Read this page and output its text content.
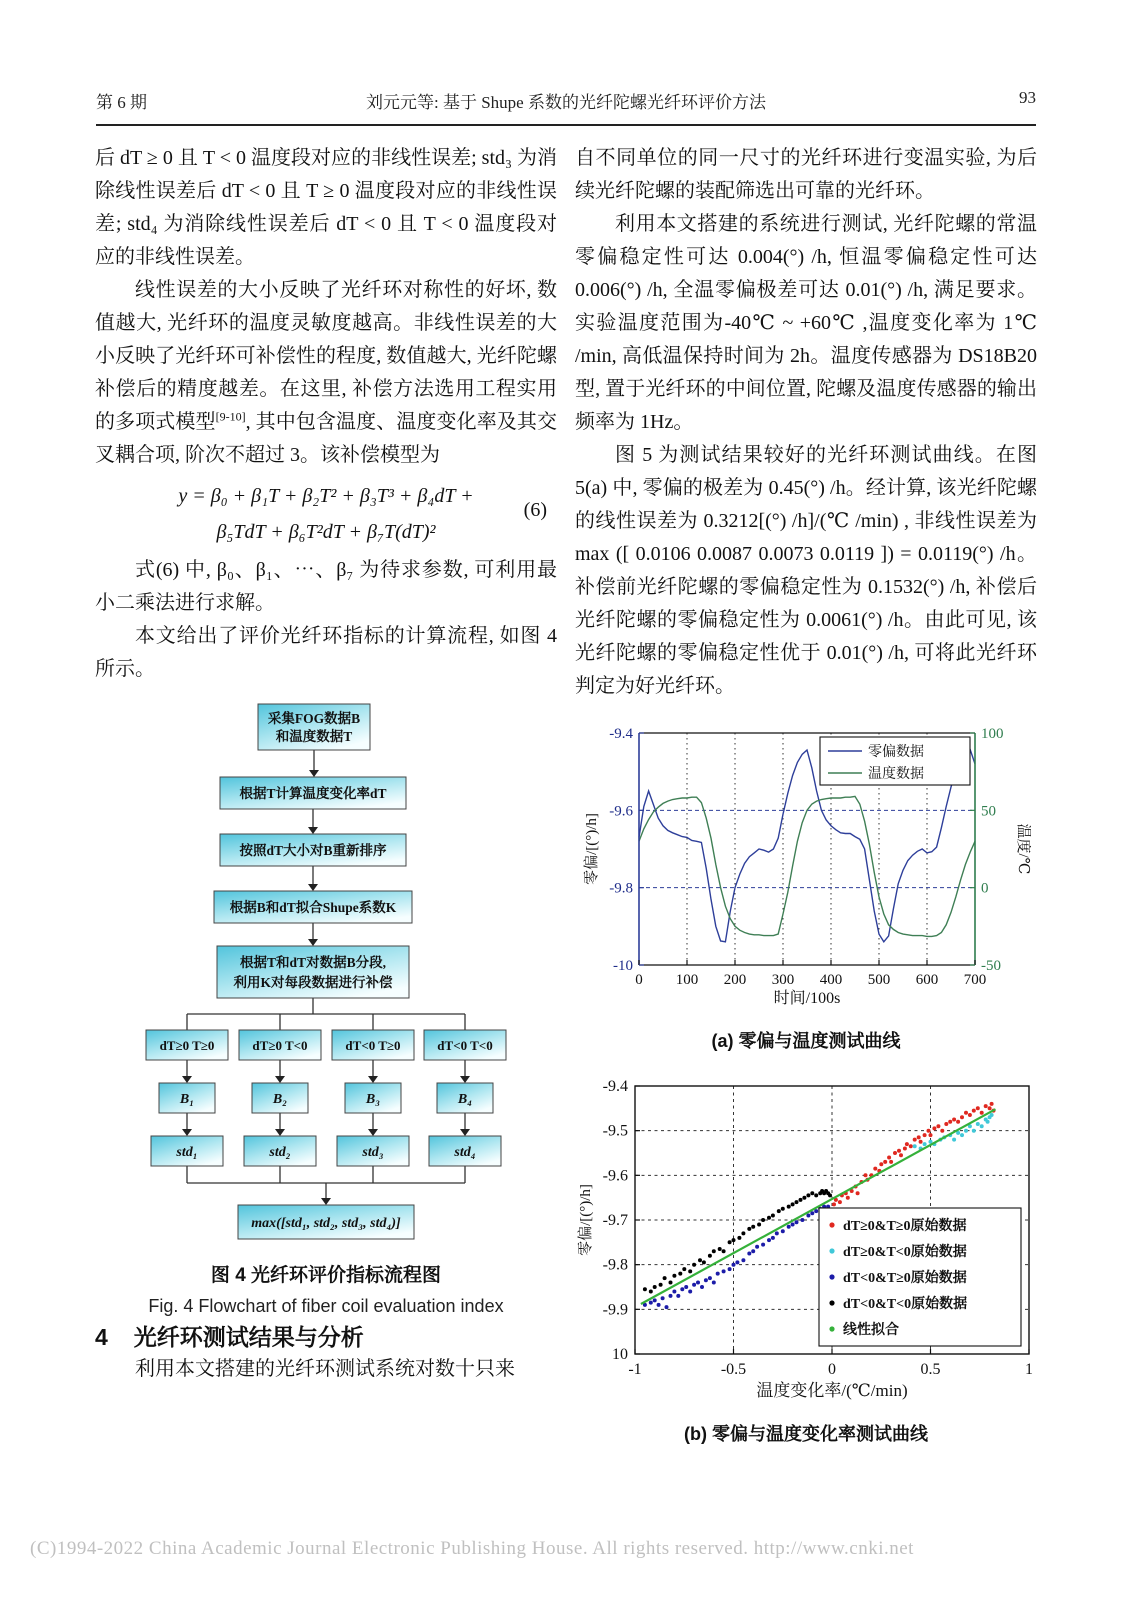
第 6 期	刘元元等: 基于 Shupe 系数的光纤陀螺光纤环评价方法	93

后 dT ≥ 0 且 T < 0 温度段对应的非线性误差; std₃ 为消除线性误差后 dT < 0 且 T ≥ 0 温度段对应的非线性误差; std₄ 为消除线性误差后 dT < 0 且 T < 0 温度段对应的非线性误差。

线性误差的大小反映了光纤环对称性的好坏, 数值越大, 光纤环的温度灵敏度越高。非线性误差的大小反映了光纤环可补偿性的程度, 数值越大, 光纤陀螺补偿后的精度越差。在这里, 补偿方法选用工程实用的多项式模型[9-10], 其中包含温度、温度变化率及其交叉耦合项, 阶次不超过 3。该补偿模型为

y = β₀ + β₁T + β₂T² + β₃T³ + β₄dT +
β₅TdT + β₆T²dT + β₇T(dT)²
(6)

式(6) 中, β₀、β₁、⋯、β₇ 为待求参数, 可利用最小二乘法进行求解。

本文给出了评价光纤环指标的计算流程, 如图 4 所示。

采集FOG数据B
和温度数据T
根据T计算温度变化率dT
按照dT大小对B重新排序
根据B和dT拟合Shupe系数K
根据T和dT对数据B分段,
利用K对每段数据进行补偿
dT≥0 T≥0	dT≥0 T<0	dT<0 T≥0	dT<0 T<0
B₁	B₂	B₃	B₄
std₁	std₂	std₃	std₄
max([std₁, std₂, std₃, std₄)]
图 4 光纤环评价指标流程图
Fig. 4 Flowchart of fiber coil evaluation index

4 光纤环测试结果与分析

利用本文搭建的光纤环测试系统对数十只来

自不同单位的同一尺寸的光纤环进行变温实验, 为后续光纤陀螺的装配筛选出可靠的光纤环。

利用本文搭建的系统进行测试, 光纤陀螺的常温零偏稳定性可达 0.004(°) /h, 恒温零偏稳定性可达 0.006(°) /h, 全温零偏极差可达 0.01(°) /h, 满足要求。实验温度范围为-40℃ ~ +60℃ ,温度变化率为 1℃ /min, 高低温保持时间为 2h。温度传感器为 DS18B20 型, 置于光纤环的中间位置, 陀螺及温度传感器的输出频率为 1Hz。

图 5 为测试结果较好的光纤环测试曲线。在图 5(a) 中, 零偏的极差为 0.45(°) /h。经计算, 该光纤陀螺的线性误差为 0.3212[(°) /h]/(℃ /min) , 非线性误差为 max ([ 0.0106 0.0087 0.0073 0.0119 ]) = 0.0119(°) /h。补偿前光纤陀螺的零偏稳定性为 0.1532(°) /h, 补偿后光纤陀螺的零偏稳定性为 0.0061(°) /h。由此可见, 该光纤陀螺的零偏稳定性优于 0.01(°) /h, 可将此光纤环判定为好光纤环。

0 100 200 300 400 500 600 700
-9.4
-9.6
-9.8
-10
100
50
0
-50
时间/100s
零偏/[(°)/h]	温度/℃
零偏数据
温度数据
(a) 零偏与温度测试曲线
-1	-0.5	0	0.5	1
-9.4
-9.5
-9.6
-9.7
-9.8
-9.9
10
温度变化率/(℃/min)
零偏/[(°)/h]	dT≥0&T≥0原始数据
dT≥0&T<0原始数据
dT<0&T≥0原始数据
dT<0&T<0原始数据
线性拟合
(b) 零偏与温度变化率测试曲线
(C)1994-2022 China Academic Journal Electronic Publishing House. All rights reserved. http://www.cnki.net
